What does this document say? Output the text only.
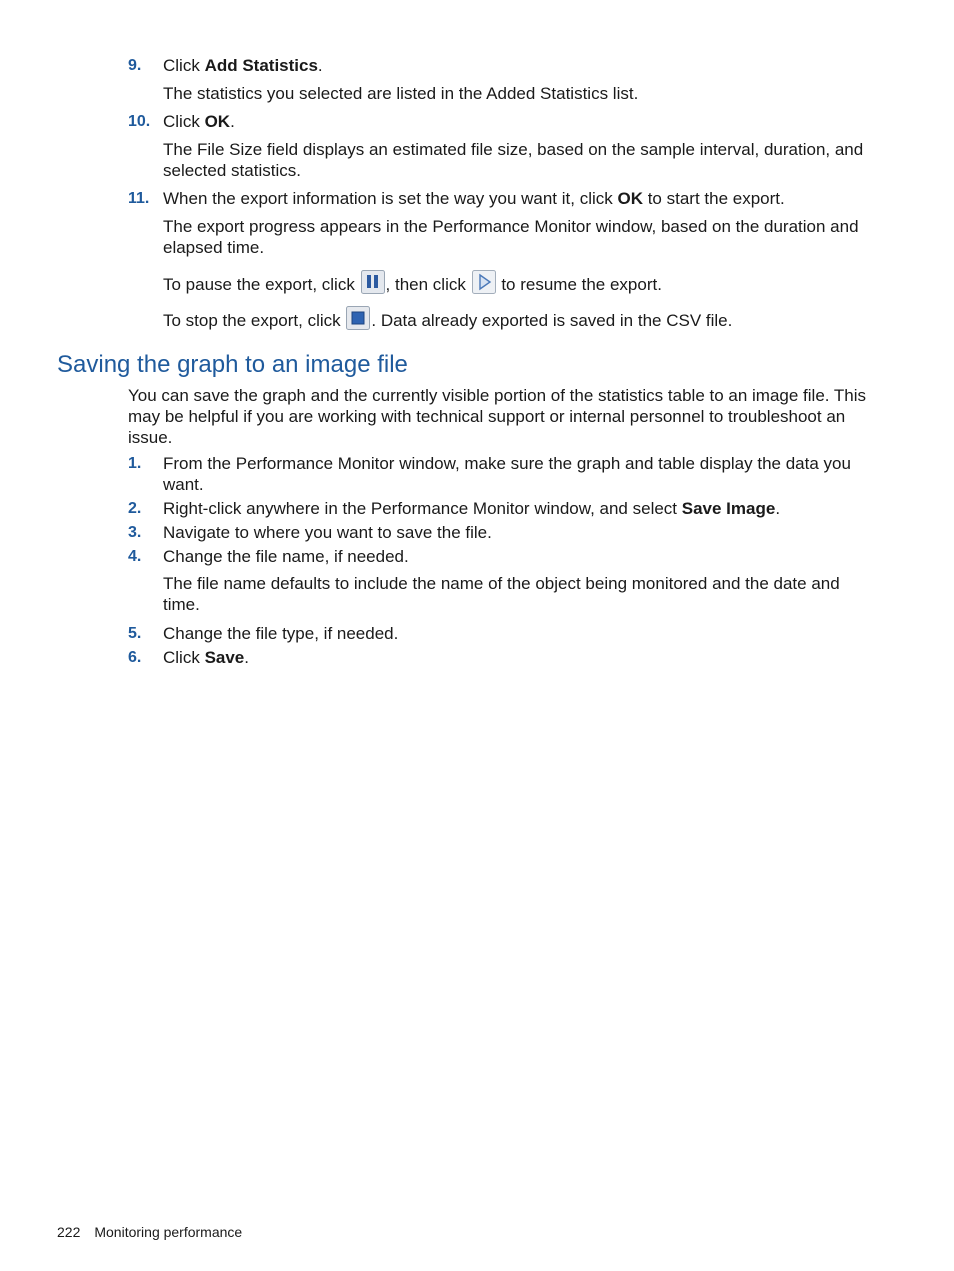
9.	Click Add Statistics.
The statistics you selected are listed in the Added Statistics list.
10. Click OK.
The File Size field displays an estimated file size, based on the sample interval, duration, and selected statistics.
11. When the export information is set the way you want it, click OK to start the export.
The export progress appears in the Performance Monitor window, based on the duration and elapsed time.
To pause the export, click , then click  to resume the export.
To stop the export, click . Data already exported is saved in the CSV file.
Saving the graph to an image file
You can save the graph and the currently visible portion of the statistics table to an image file. This may be helpful if you are working with technical support or internal personnel to troubleshoot an issue.
1.	From the Performance Monitor window, make sure the graph and table display the data you want.
2.	Right-click anywhere in the Performance Monitor window, and select Save Image.
3.	Navigate to where you want to save the file.
4.	Change the file name, if needed.
The file name defaults to include the name of the object being monitored and the date and time.
5.	Change the file type, if needed.
6.	Click Save.
222 Monitoring performance
